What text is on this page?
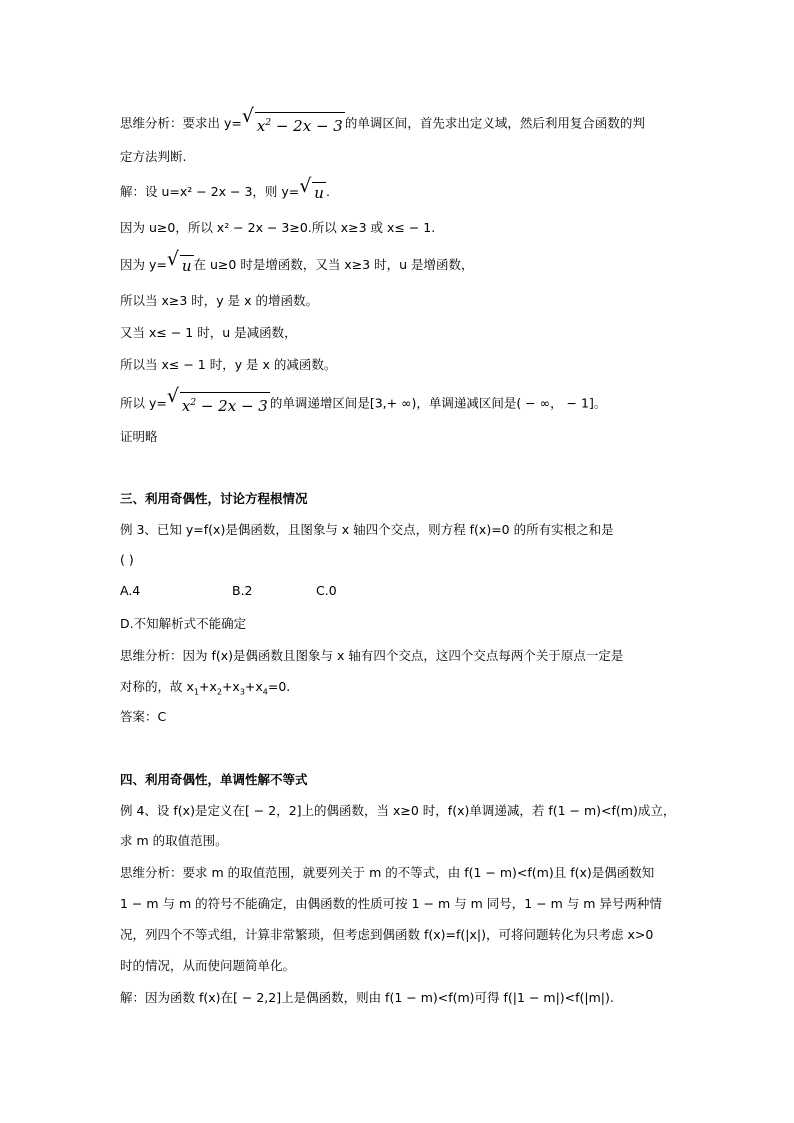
思维分析：要求出 y= √ $x^2 - 2x - 3$ 的单调区间，首先求出定义域，然后利用复合函数的判
定方法判断.
解：设 u=x² − 2x − 3，则 y= √ u .
因为 u≥0，所以 x² − 2x − 3≥0.所以 x≥3 或 x≤ − 1.
因为 y= √ u 在 u≥0 时是增函数，又当 x≥3 时，u 是增函数，
所以当 x≥3 时，y 是 x 的增函数。
又当 x≤ − 1 时，u 是减函数，
所以当 x≤ − 1 时，y 是 x 的减函数。
所以 y= √ $x^2 - 2x - 3$ 的单调递增区间是[3,+ ∞)，单调递减区间是( − ∞， − 1]。
证明略
三、利用奇偶性，讨论方程根情况
例 3、已知 y=f(x)是偶函数，且图象与 x 轴四个交点，则方程 f(x)=0 的所有实根之和是
( )
A.4	B.2	C.0
D.不知解析式不能确定
思维分析：因为 f(x)是偶函数且图象与 x 轴有四个交点，这四个交点每两个关于原点一定是
对称的，故 $x_1+x_2+x_3+x_4=0$.
答案：C
四、利用奇偶性，单调性解不等式
例 4、设 f(x)是定义在[ − 2，2]上的偶函数，当 x≥0 时，f(x)单调递减，若 f(1 − m)<f(m)成立，
求 m 的取值范围。
思维分析：要求 m 的取值范围，就要列关于 m 的不等式，由 f(1 − m)<f(m)且 f(x)是偶函数知
1 − m 与 m 的符号不能确定，由偶函数的性质可按 1 − m 与 m 同号，1 − m 与 m 异号两种情
况，列四个不等式组，计算非常繁琐，但考虑到偶函数 f(x)=f(|x|)，可将问题转化为只考虑 x>0
时的情况，从而使问题简单化。
解：因为函数 f(x)在[ − 2,2]上是偶函数，则由 f(1 − m)<f(m)可得 f(|1 − m|)<f(|m|).
